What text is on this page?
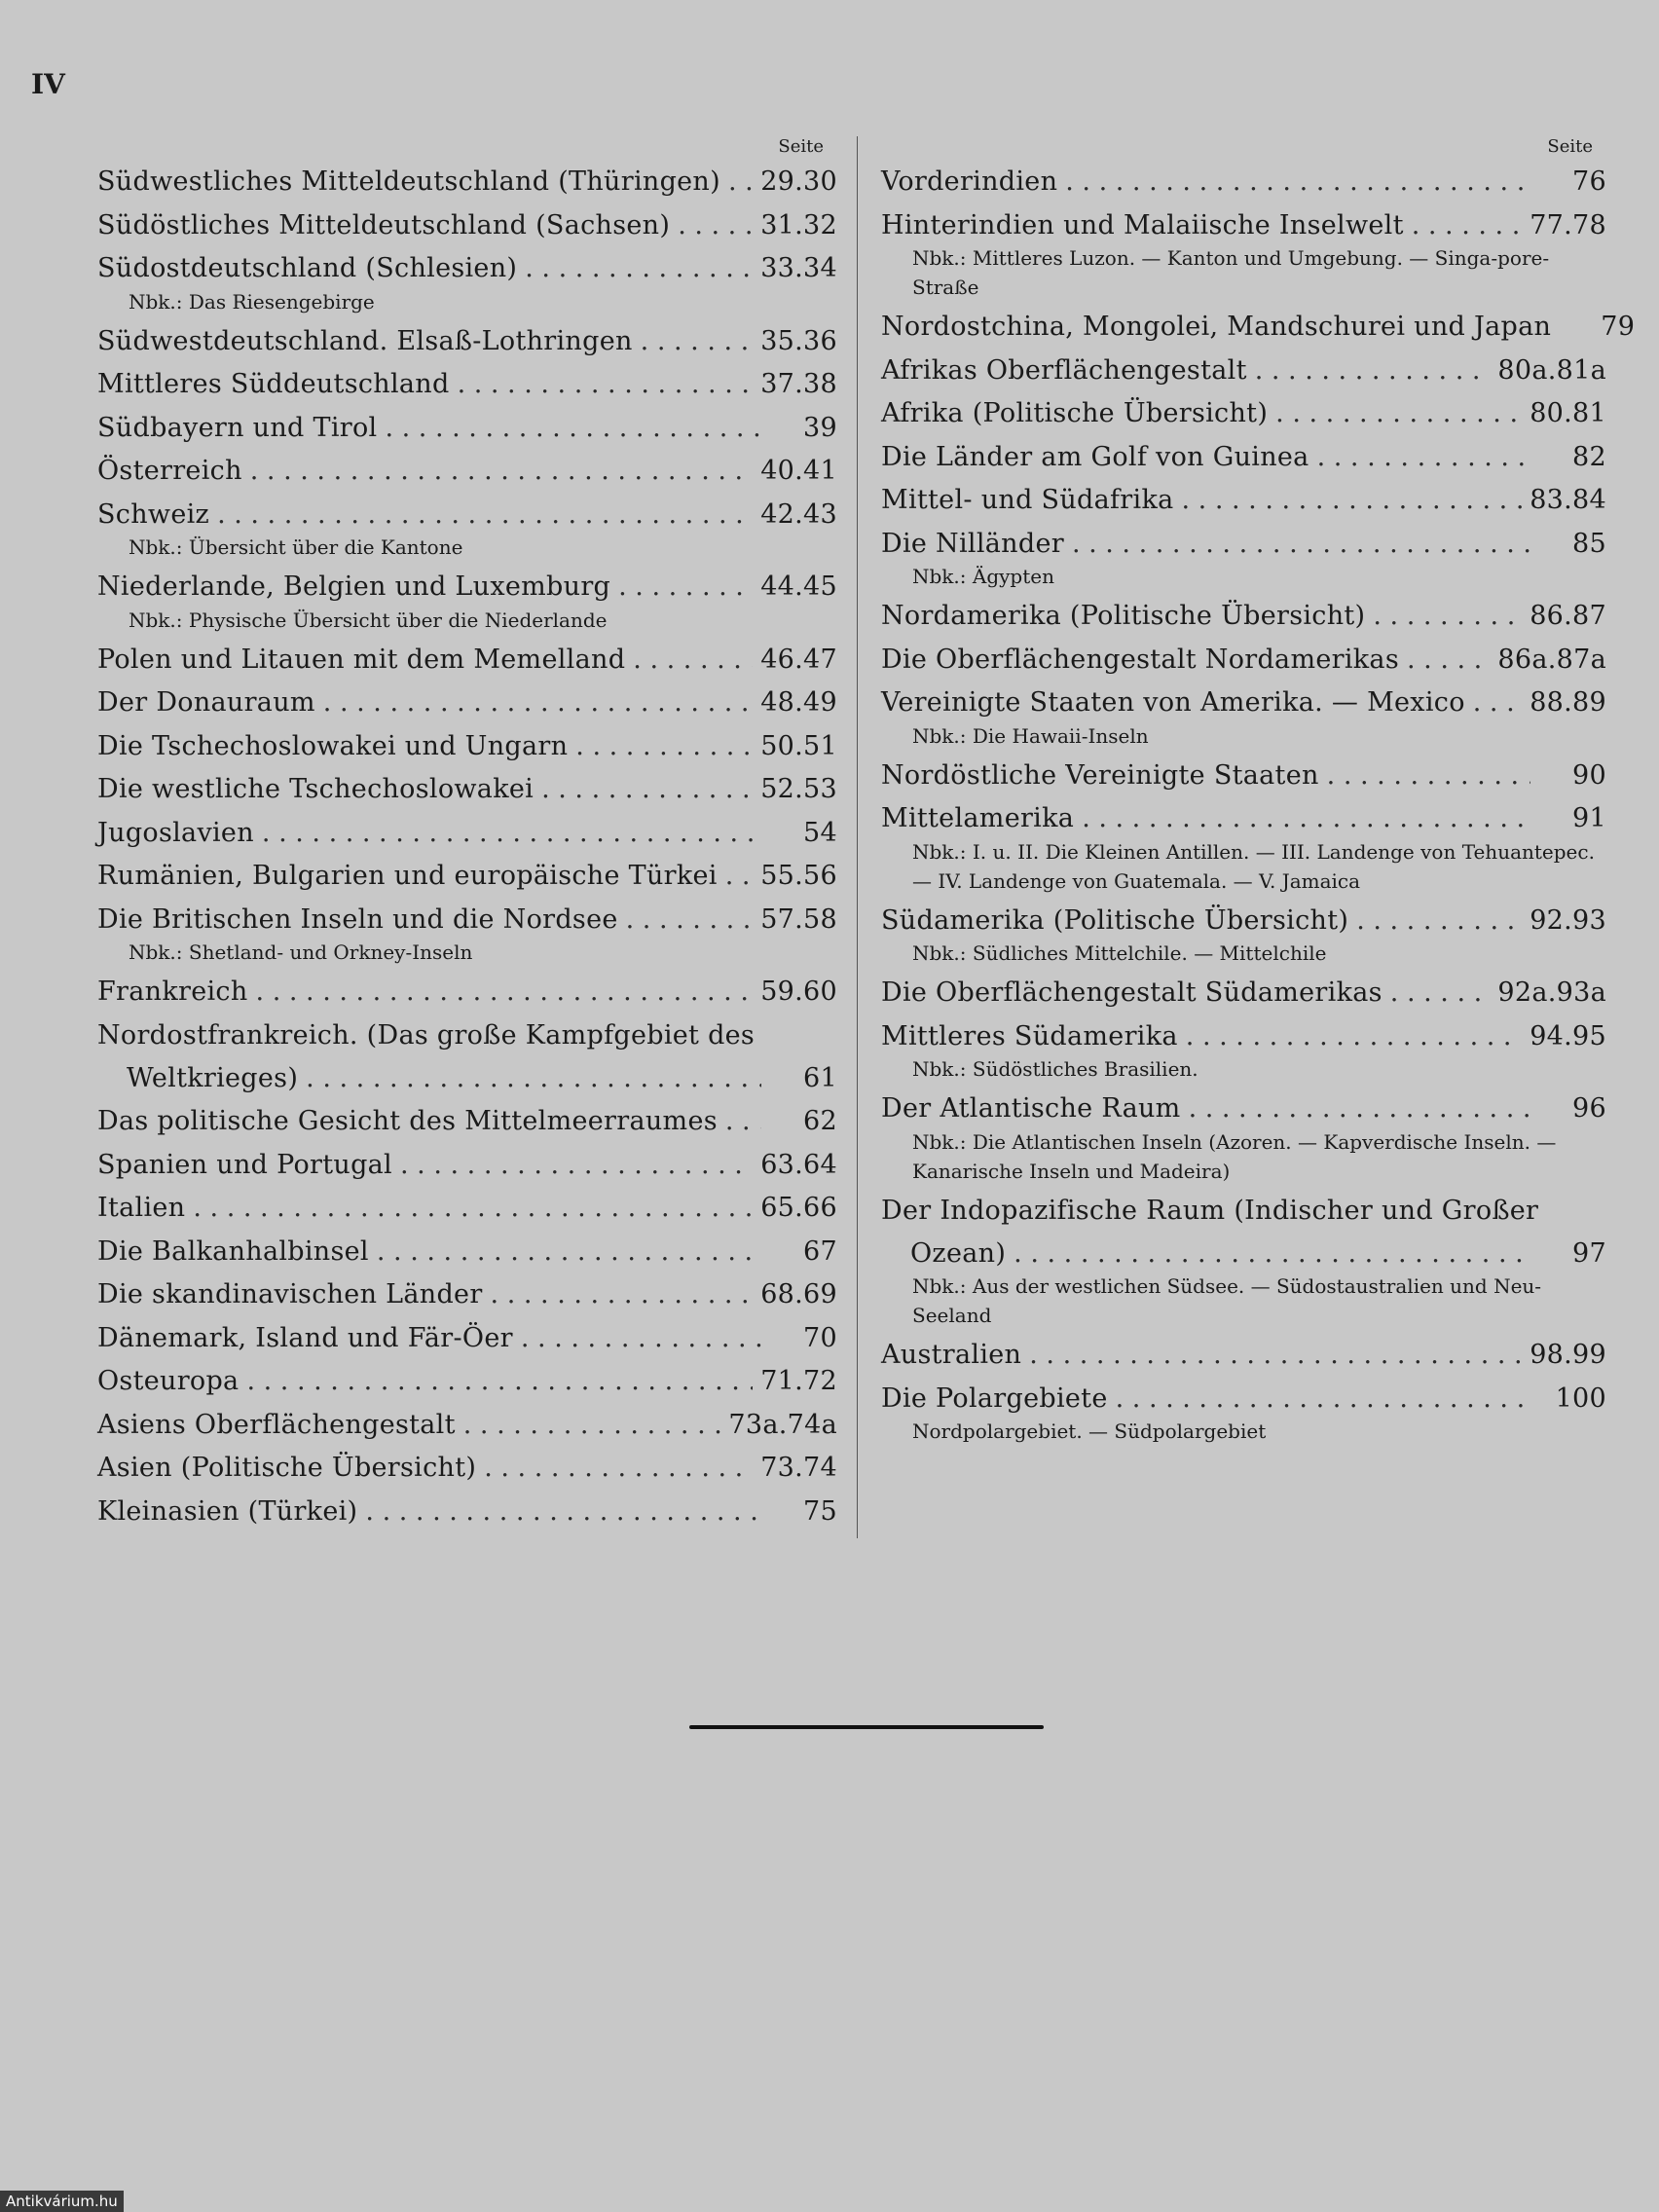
IV
Seite
Südwestliches Mitteldeutschland (Thüringen) . . . 29.30
Südöstliches Mitteldeutschland (Sachsen) . . .	31.32
Südostdeutschland (Schlesien) . . .	33.34
Nbk.: Das Riesengebirge
Südwestdeutschland. Elsaß-Lothringen . . .	35.36
Mittleres Süddeutschland . . .	37.38
Südbayern und Tirol . . .	39
Österreich . . .	40.41
Schweiz . . .	42.43
Nbk.: Übersicht über die Kantone
Niederlande, Belgien und Luxemburg . . .	44.45
Nbk.: Physische Übersicht über die Niederlande
Polen und Litauen mit dem Memelland . . .	46.47
Der Donauraum . . .	48.49
Die Tschechoslowakei und Ungarn . . .	50.51
Die westliche Tschechoslowakei . . .	52.53
Jugoslavien . . .	54
Rumänien, Bulgarien und europäische Türkei . . . 55.56
Die Britischen Inseln und die Nordsee . . .	57.58
Nbk.: Shetland- und Orkney-Inseln
Frankreich . . .	59.60
Nordostfrankreich. (Das große Kampfgebiet des
Weltkrieges) . . .	61
Das politische Gesicht des Mittelmeerraumes . . .	62
Spanien und Portugal . . .	63.64
Italien . . .	65.66
Die Balkanhalbinsel . . .	67
Die skandinavischen Länder . . .	68.69
Dänemark, Island und Fär-Öer . . .	70
Osteuropa . . .	71.72
Asiens Oberflächengestalt . . .	73a.74a
Asien (Politische Übersicht) . . .	73.74
Kleinasien (Türkei) . . .	75
Seite
Vorderindien . . .	76
Hinterindien und Malaiische Inselwelt . . .	77.78
Nbk.: Mittleres Luzon. — Kanton und Umgebung. — Singa-pore-Straße
Nordostchina, Mongolei, Mandschurei und Japan	79
Afrikas Oberflächengestalt . . .	80a.81a
Afrika (Politische Übersicht) . . .	80.81
Die Länder am Golf von Guinea . . .	82
Mittel- und Südafrika . . .	83.84
Die Nilländer . . .	85
Nbk.: Ägypten
Nordamerika (Politische Übersicht) . . .	86.87
Die Oberflächengestalt Nordamerikas . . .	86a.87a
Vereinigte Staaten von Amerika. — Mexico . . . 88.89
Nbk.: Die Hawaii-Inseln
Nordöstliche Vereinigte Staaten . . .	90
Mittelamerika . . .	91
Nbk.: I. u. II. Die Kleinen Antillen. — III. Landenge von Tehuantepec. — IV. Landenge von Guatemala. — V. Jamaica
Südamerika (Politische Übersicht) . . .	92.93
Nbk.: Südliches Mittelchile. — Mittelchile
Die Oberflächengestalt Südamerikas . . .	92a.93a
Mittleres Südamerika . . .	94.95
Nbk.: Südöstliches Brasilien.
Der Atlantische Raum . . .	96
Nbk.: Die Atlantischen Inseln (Azoren. — Kapverdische Inseln. — Kanarische Inseln und Madeira)
Der Indopazifische Raum (Indischer und Großer
Ozean) . . .	97
Nbk.: Aus der westlichen Südsee. — Südostaustralien und Neu-Seeland
Australien . . .	98.99
Die Polargebiete . . .	100
Nordpolargebiet. — Südpolargebiet
Antikvárium.hu
